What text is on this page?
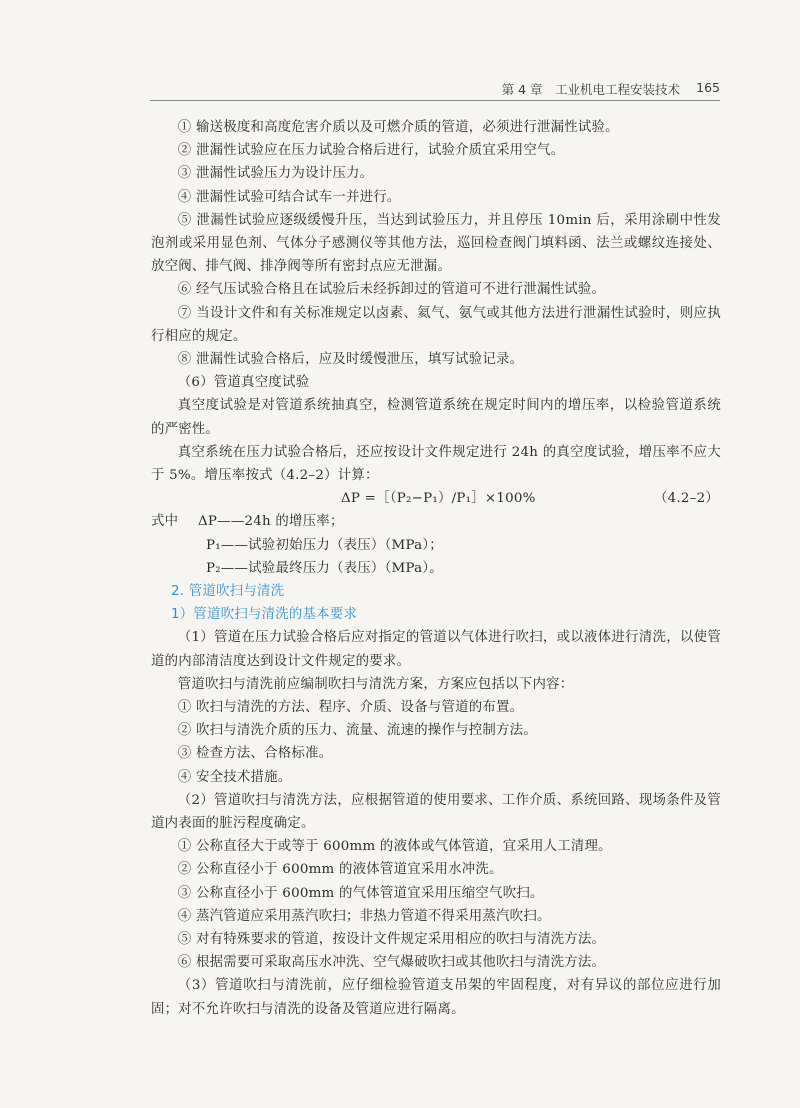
第 4 章　工业机电工程安装技术 165

① 输送极度和高度危害介质以及可燃介质的管道，必须进行泄漏性试验。

② 泄漏性试验应在压力试验合格后进行，试验介质宜采用空气。

③ 泄漏性试验压力为设计压力。

④ 泄漏性试验可结合试车一并进行。

⑤ 泄漏性试验应逐级缓慢升压，当达到试验压力，并且停压 10min 后，采用涂刷中性发泡剂或采用显色剂、气体分子感测仪等其他方法，巡回检查阀门填料函、法兰或螺纹连接处、放空阀、排气阀、排净阀等所有密封点应无泄漏。

⑥ 经气压试验合格且在试验后未经拆卸过的管道可不进行泄漏性试验。

⑦ 当设计文件和有关标准规定以卤素、氦气、氨气或其他方法进行泄漏性试验时，则应执行相应的规定。

⑧ 泄漏性试验合格后，应及时缓慢泄压，填写试验记录。

（6）管道真空度试验

真空度试验是对管道系统抽真空，检测管道系统在规定时间内的增压率，以检验管道系统的严密性。

真空系统在压力试验合格后，还应按设计文件规定进行 24h 的真空度试验，增压率不应大于 5%。增压率按式（4.2–2）计算：

ΔP =［（P₂−P₁）/P₁］×100%	（4.2–2）
式中 ΔP——24h 的增压率；
P₁——试验初始压力（表压）（MPa）；
P₂——试验最终压力（表压）（MPa）。

2. 管道吹扫与清洗

1）管道吹扫与清洗的基本要求

（1）管道在压力试验合格后应对指定的管道以气体进行吹扫，或以液体进行清洗，以使管道的内部清洁度达到设计文件规定的要求。

管道吹扫与清洗前应编制吹扫与清洗方案，方案应包括以下内容：

① 吹扫与清洗的方法、程序、介质、设备与管道的布置。

② 吹扫与清洗介质的压力、流量、流速的操作与控制方法。

③ 检查方法、合格标准。

④ 安全技术措施。

（2）管道吹扫与清洗方法，应根据管道的使用要求、工作介质、系统回路、现场条件及管道内表面的脏污程度确定。

① 公称直径大于或等于 600mm 的液体或气体管道，宜采用人工清理。

② 公称直径小于 600mm 的液体管道宜采用水冲洗。

③ 公称直径小于 600mm 的气体管道宜采用压缩空气吹扫。

④ 蒸汽管道应采用蒸汽吹扫；非热力管道不得采用蒸汽吹扫。

⑤ 对有特殊要求的管道，按设计文件规定采用相应的吹扫与清洗方法。

⑥ 根据需要可采取高压水冲洗、空气爆破吹扫或其他吹扫与清洗方法。

（3）管道吹扫与清洗前，应仔细检验管道支吊架的牢固程度，对有异议的部位应进行加固；对不允许吹扫与清洗的设备及管道应进行隔离。
